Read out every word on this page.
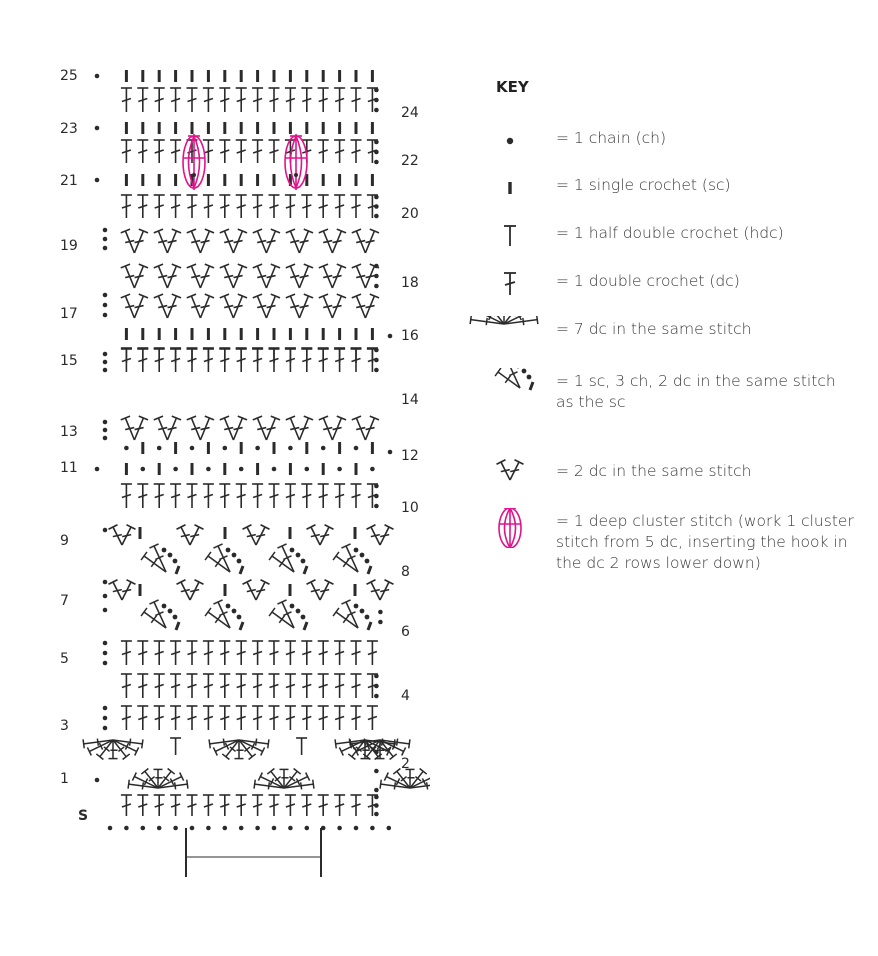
25
23
21
19
17
15
13
11
9
7
5
3
1
S
24
22
20
18
16
14
12
10
8
6
4
2
KEY
= 1 chain (ch)
= 1 single crochet (sc)
= 1 half double crochet (hdc)
= 1 double crochet (dc)
= 7 dc in the same stitch
= 1 sc, 3 ch, 2 dc in the same stitch as the sc
= 2 dc in the same stitch
= 1 deep cluster stitch (work 1 cluster stitch from 5 dc, inserting the hook in the dc 2 rows lower down)
